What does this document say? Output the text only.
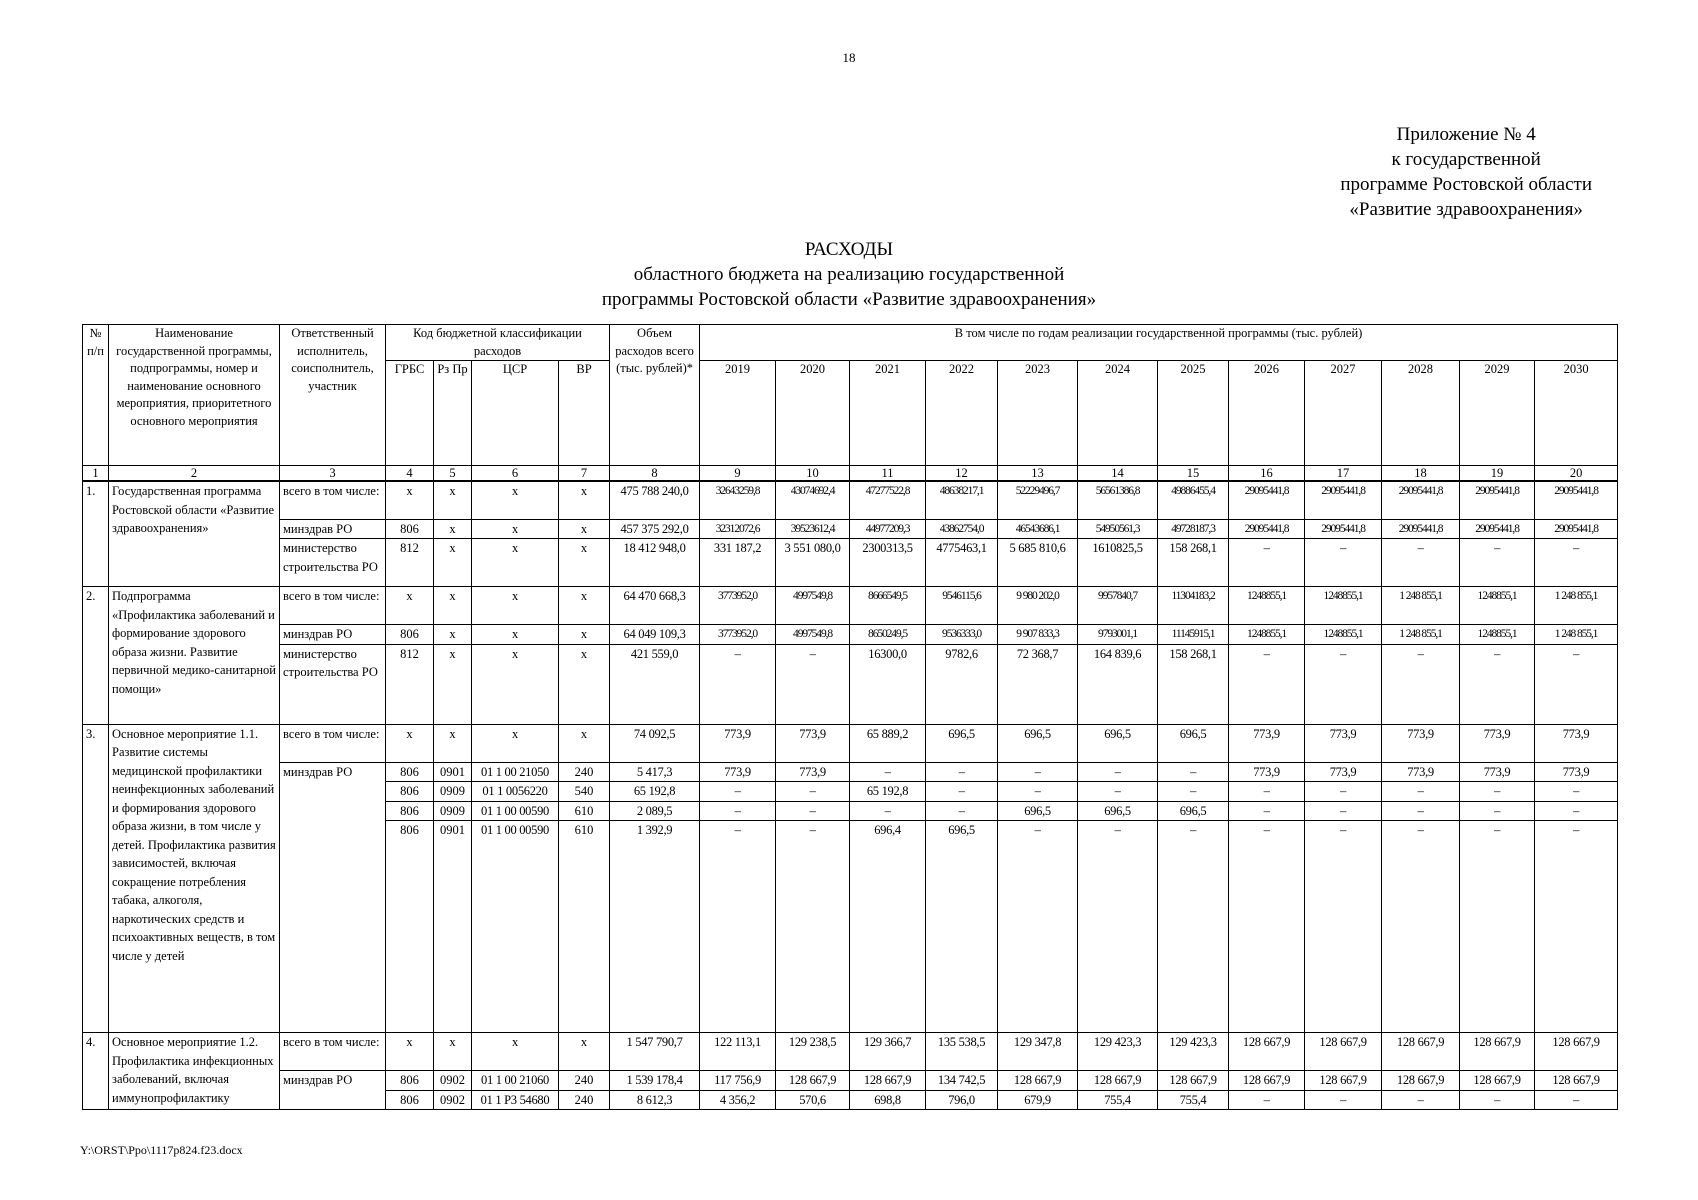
18
Приложение № 4
к государственной
программе Ростовской области
«Развитие здравоохранения»
РАСХОДЫ
областного бюджета на реализацию государственной
программы Ростовской области «Развитие здравоохранения»
№ п/п	Наименование государственной программы, подпрограммы, номер и наименование основного мероприятия, приоритетного основного мероприятия	Ответственный исполнитель, соисполнитель, участник	Код бюджетной классификации расходов				Объем расходов всего (тыс. рублей)*	В том числе по годам реализации государственной программы (тыс. рублей)											
			ГРБС	Рз Пр	ЦСР	ВР		2019	2020	2021	2022	2023	2024	2025	2026	2027	2028	2029	2030
1	2	3	4	5	6	7	8	9	10	11	12	13	14	15	16	17	18	19	20
1.	Государственная программа Ростовской области «Развитие здравоохранения»	всего в том числе:	x	x	x	x	475 788 240,0	32643259,8	43074692,4	47277522,8	48638217,1	52229496,7	56561386,8	49886455,4	29095441,8	29095441,8	29095441,8	29095441,8	29095441,8
		минздрав РО	806	x	x	x	457 375 292,0	32312072,6	39523612,4	44977209,3	43862754,0	46543686,1	54950561,3	49728187,3	29095441,8	29095441,8	29095441,8	29095441,8	29095441,8
		министерство строительства РО	812	x	x	x	18 412 948,0	331 187,2	3 551 080,0	2300313,5	4775463,1	5 685 810,6	1610825,5	158 268,1	–	–	–	–	–
2.	Подпрограмма «Профилактика заболеваний и формирование здорового образа жизни. Развитие первичной медико-санитарной помощи»	всего в том числе:	x	x	x	x	64 470 668,3	3773952,0	4997549,8	8666549,5	9546115,6	9 980 202,0	9957840,7	11304183,2	1248855,1	1248855,1	1 248 855,1	1248855,1	1 248 855,1
		минздрав РО	806	x	x	x	64 049 109,3	3773952,0	4997549,8	8650249,5	9536333,0	9 907 833,3	9793001,1	11145915,1	1248855,1	1248855,1	1 248 855,1	1248855,1	1 248 855,1
		министерство строительства РО	812	x	x	x	421 559,0	–	–	16300,0	9782,6	72 368,7	164 839,6	158 268,1	–	–	–	–	–
3.	Основное мероприятие 1.1. Развитие системы медицинской профилактики неинфекционных заболеваний и формирования здорового образа жизни, в том числе у детей. Профилактика развития зависимостей, включая сокращение потребления табака, алкоголя, наркотических средств и психоактивных веществ, в том числе у детей	всего в том числе:	x	x	x	x	74 092,5	773,9	773,9	65 889,2	696,5	696,5	696,5	696,5	773,9	773,9	773,9	773,9	773,9
		минздрав РО	806	0901	01 1 00 21050	240	5 417,3	773,9	773,9	–	–	–	–	–	773,9	773,9	773,9	773,9	773,9
			806	0909	01 1 0056220	540	65 192,8	–	–	65 192,8	–	–	–	–	–	–	–	–	–
			806	0909	01 1 00 00590	610	2 089,5	–	–	–	–	696,5	696,5	696,5	–	–	–	–	–
			806	0901	01 1 00 00590	610	1 392,9	–	–	696,4	696,5	–	–	–	–	–	–	–	–
4.	Основное мероприятие 1.2. Профилактика инфекционных заболеваний, включая иммунопрофилактику	всего в том числе:	x	x	x	x	1 547 790,7	122 113,1	129 238,5	129 366,7	135 538,5	129 347,8	129 423,3	129 423,3	128 667,9	128 667,9	128 667,9	128 667,9	128 667,9
		минздрав РО	806	0902	01 1 00 21060	240	1 539 178,4	117 756,9	128 667,9	128 667,9	134 742,5	128 667,9	128 667,9	128 667,9	128 667,9	128 667,9	128 667,9	128 667,9	128 667,9
			806	0902	01 1 P3 54680	240	8 612,3	4 356,2	570,6	698,8	796,0	679,9	755,4	755,4	–	–	–	–	–
Y:\ORST\Ppo\1117p824.f23.docx
